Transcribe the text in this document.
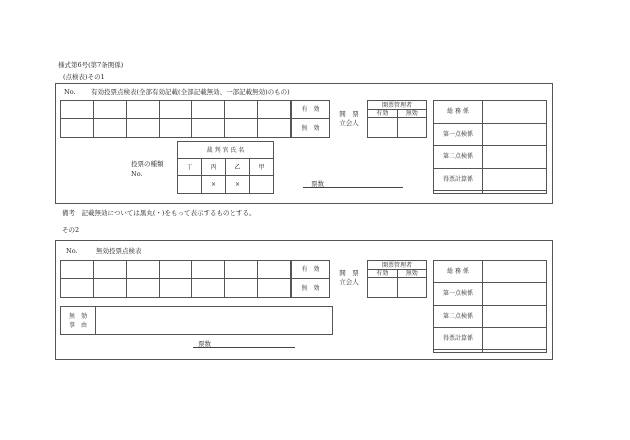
様式第6号(第7条関係)
(点検表)その1
No. 有効投票点検表(全部有効記載(全部記載無効、一部記載無効)のもの)

有　効
無　効
開　票
立会人
開票管理者	
有効	無効
		総 務 係	
第一点検係	
第二点検係	
得票計算係	

投票の種類
No.
裁 判 官 氏 名			
丁	丙	乙	甲
	×	×		票数
備考　記載無効については黒丸(・)をもって表示するものとする。
その2
No.	無効投票点検表

有　効
無　効
開　票
立会人
開票管理者	
有効	無効
		総 務 係	
第一点検係	
第二点検係	
得票計算係	

無　効
事　由	
票数
